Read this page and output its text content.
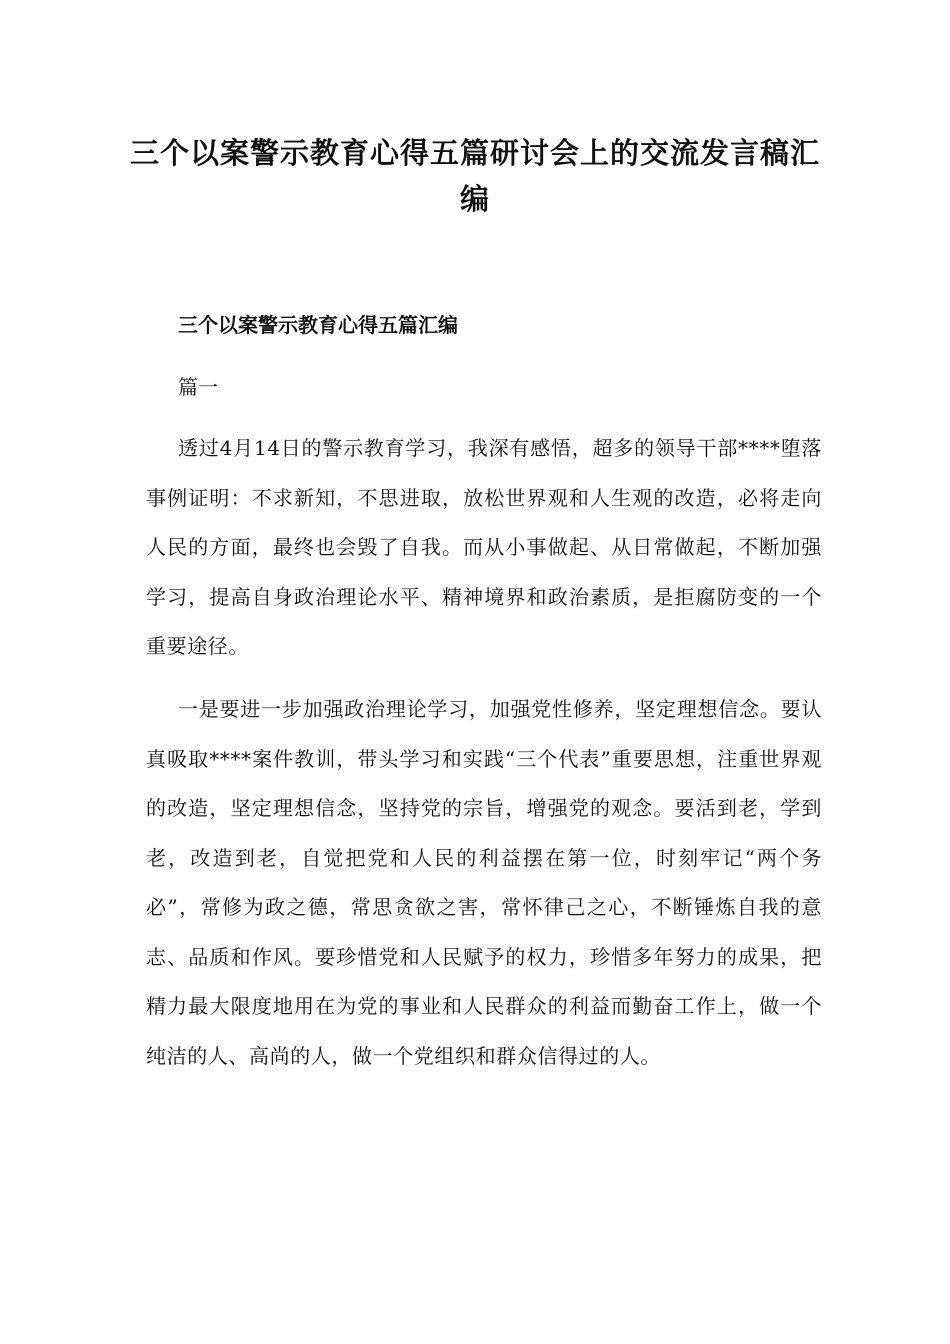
三个以案警示教育心得五篇研讨会上的交流发言稿汇编
三个以案警示教育心得五篇汇编

篇一

透过4月14日的警示教育学习，我深有感悟，超多的领导干部****堕落事例证明：不求新知，不思进取，放松世界观和人生观的改造，必将走向人民的方面，最终也会毁了自我。而从小事做起、从日常做起，不断加强学习，提高自身政治理论水平、精神境界和政治素质，是拒腐防变的一个重要途径。

一是要进一步加强政治理论学习，加强党性修养，坚定理想信念。要认真吸取****案件教训，带头学习和实践“三个代表”重要思想，注重世界观的改造，坚定理想信念，坚持党的宗旨，增强党的观念。要活到老，学到老，改造到老，自觉把党和人民的利益摆在第一位，时刻牢记“两个务必”，常修为政之德，常思贪欲之害，常怀律己之心，不断锤炼自我的意志、品质和作风。要珍惜党和人民赋予的权力，珍惜多年努力的成果，把精力最大限度地用在为党的事业和人民群众的利益而勤奋工作上，做一个纯洁的人、高尚的人，做一个党组织和群众信得过的人。
